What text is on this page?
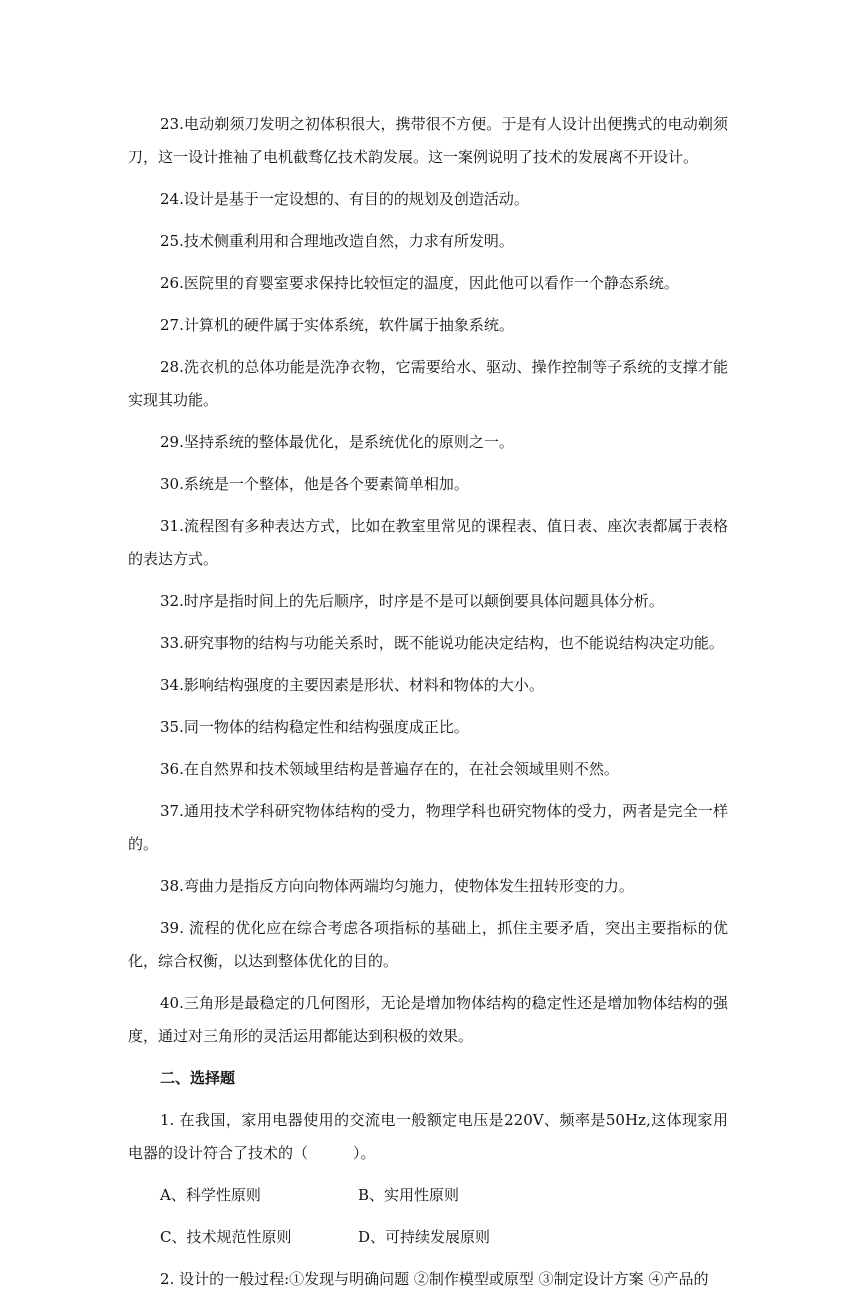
23.电动剃须刀发明之初体积很大，携带很不方便。于是有人设计出便携式的电动剃须刀，这一设计推袖了电机截骛亿技术韵发展。这一案例说明了技术的发展离不开设计。

24.设计是基于一定设想的、有目的的规划及创造活动。

25.技术侧重利用和合理地改造自然，力求有所发明。

26.医院里的育婴室要求保持比较恒定的温度，因此他可以看作一个静态系统。

27.计算机的硬件属于实体系统，软件属于抽象系统。

28.洗衣机的总体功能是洗净衣物，它需要给水、驱动、操作控制等子系统的支撑才能实现其功能。

29.坚持系统的整体最优化，是系统优化的原则之一。

30.系统是一个整体，他是各个要素简单相加。

31.流程图有多种表达方式，比如在教室里常见的课程表、值日表、座次表都属于表格的表达方式。

32.时序是指时间上的先后顺序，时序是不是可以颠倒要具体问题具体分析。

33.研究事物的结构与功能关系时，既不能说功能决定结构，也不能说结构决定功能。

34.影响结构强度的主要因素是形状、材料和物体的大小。

35.同一物体的结构稳定性和结构强度成正比。

36.在自然界和技术领域里结构是普遍存在的，在社会领域里则不然。

37.通用技术学科研究物体结构的受力，物理学科也研究物体的受力，两者是完全一样的。

38.弯曲力是指反方向向物体两端均匀施力，使物体发生扭转形变的力。

39. 流程的优化应在综合考虑各项指标的基础上，抓住主要矛盾，突出主要指标的优化，综合权衡，以达到整体优化的目的。

40.三角形是最稳定的几何图形，无论是增加物体结构的稳定性还是增加物体结构的强度，通过对三角形的灵活运用都能达到积极的效果。

二、选择题

1. 在我国，家用电器使用的交流电一般额定电压是220V、频率是50Hz,这体现家用电器的设计符合了技术的（　　　）。

A、科学性原则	B、实用性原则
C、技术规范性原则	D、可持续发展原则

2. 设计的一般过程:①发现与明确问题 ②制作模型或原型 ③制定设计方案 ④产品的
